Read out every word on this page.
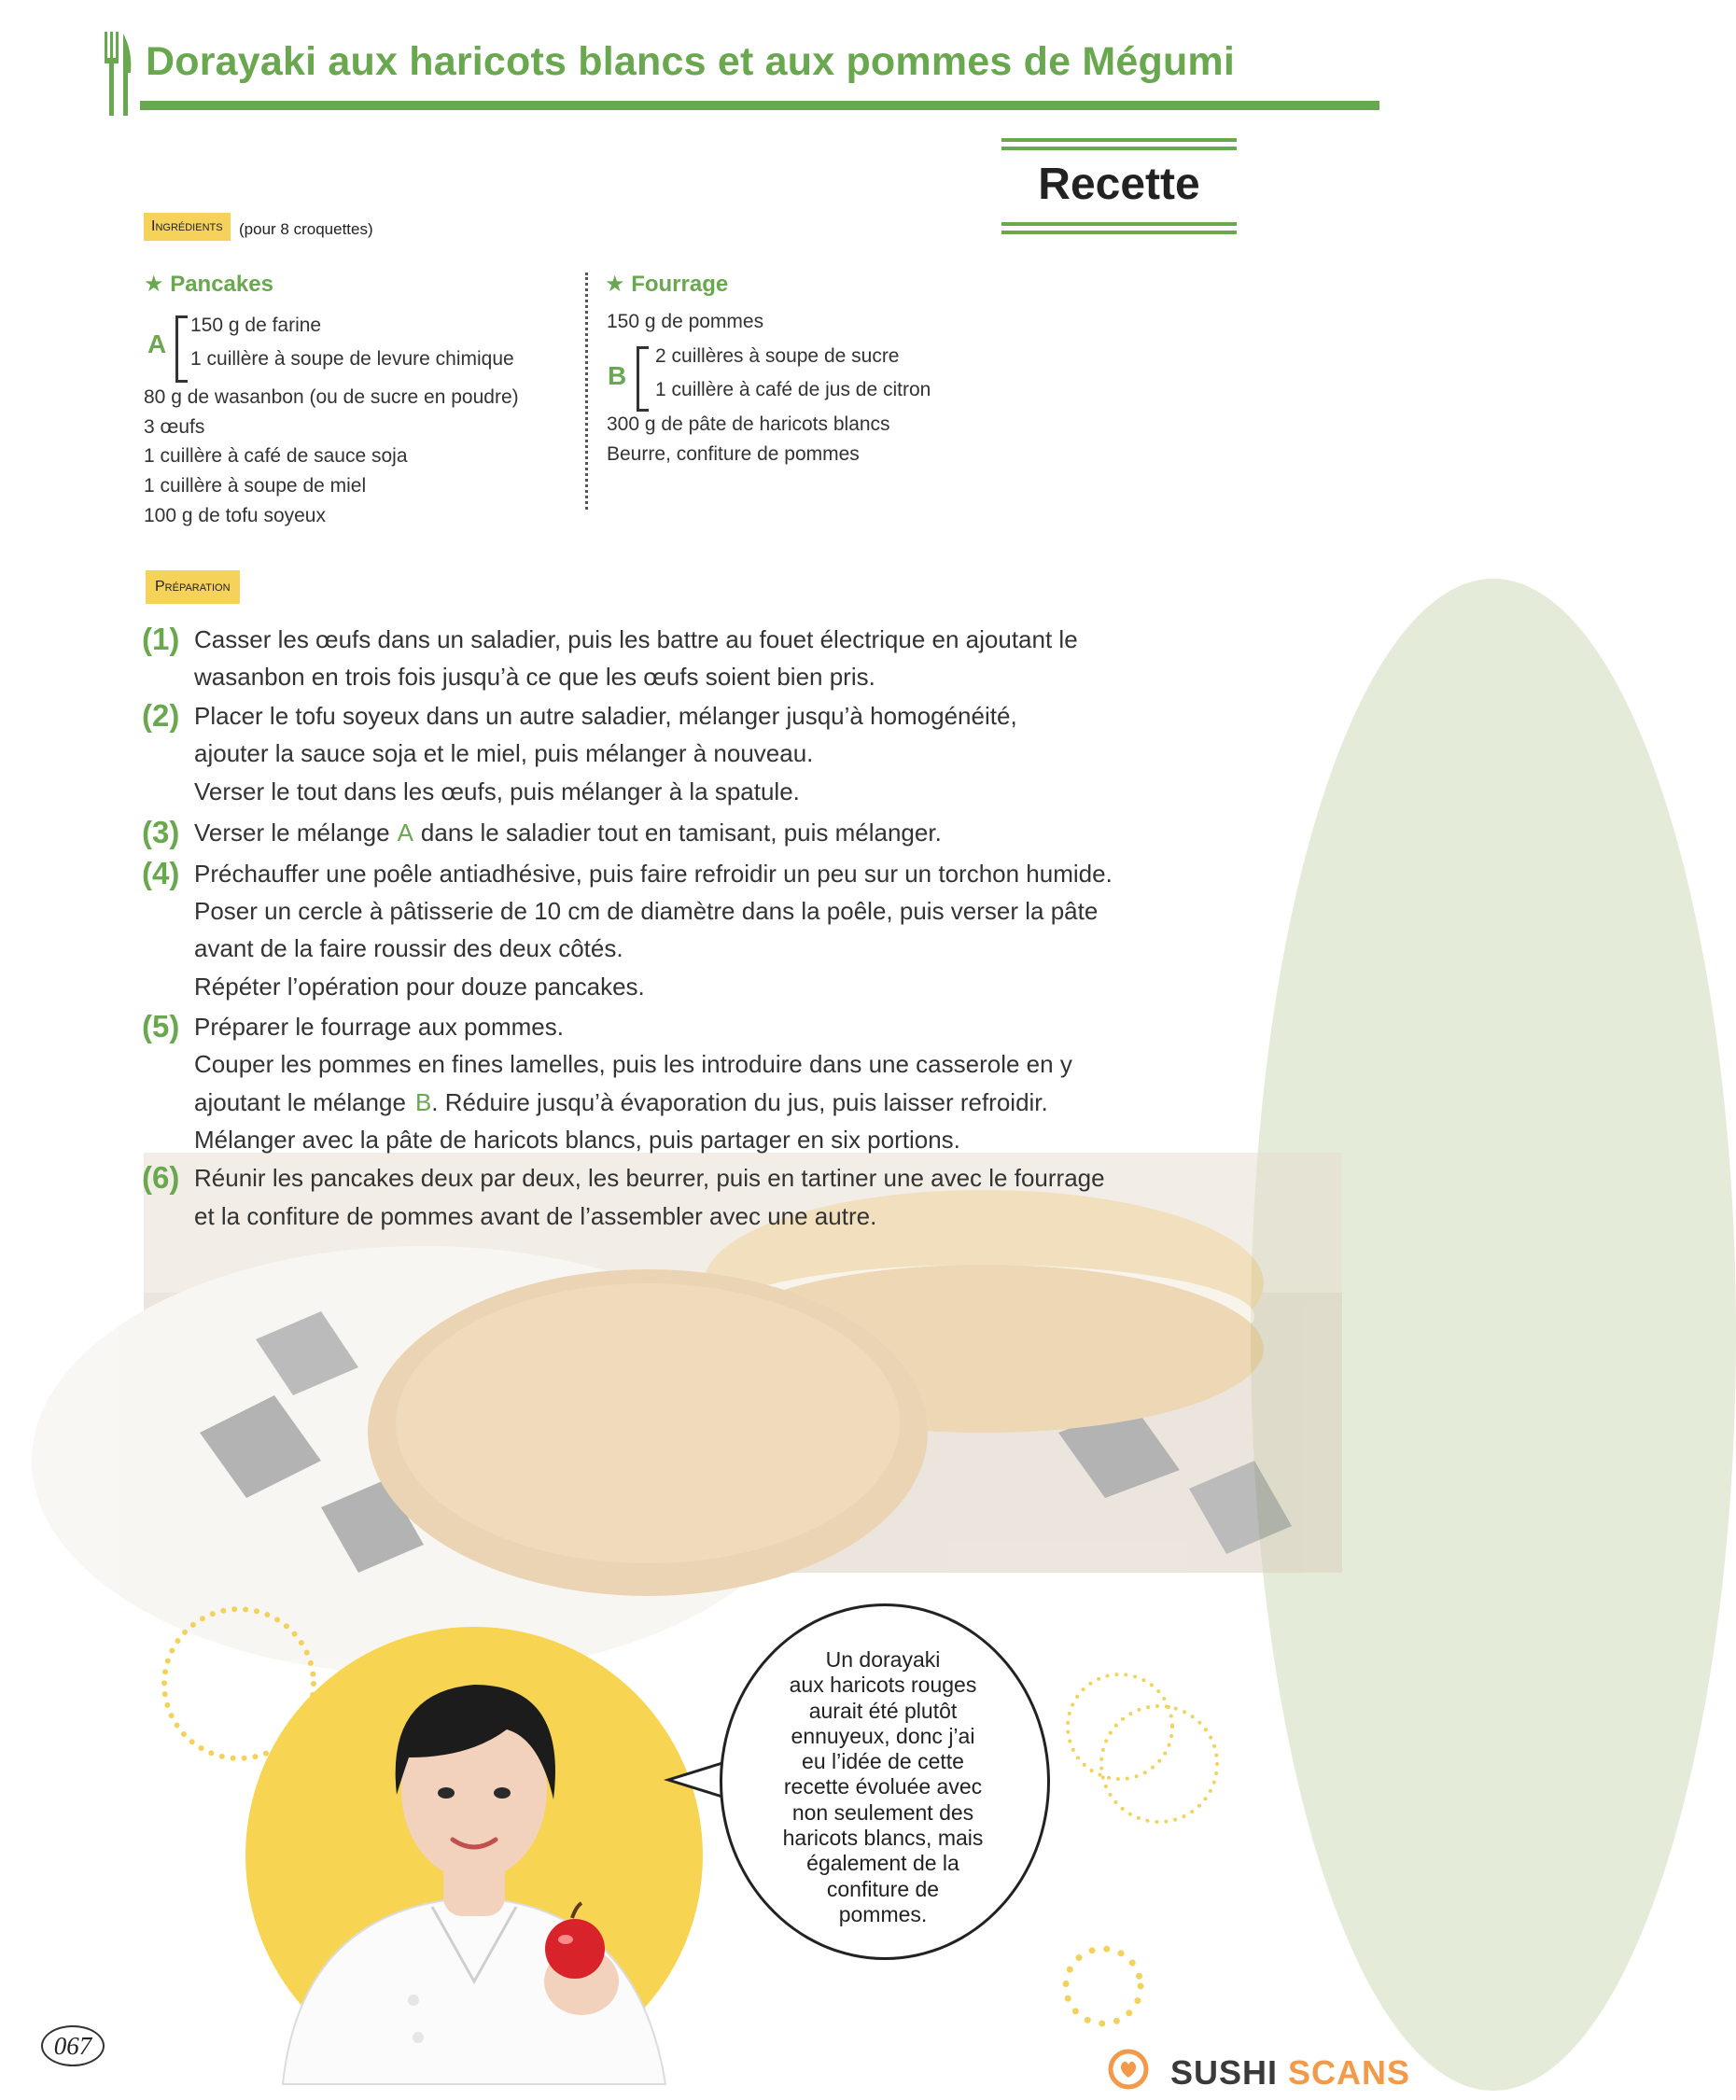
Dorayaki aux haricots blancs et aux pommes de Mégumi
Recette
Ingrédients	(pour 8 croquettes)
★ Pancakes
A
150 g de farine
1 cuillère à soupe de levure chimique
80 g de wasanbon (ou de sucre en poudre)
3 œufs
1 cuillère à café de sauce soja
1 cuillère à soupe de miel
100 g de tofu soyeux
★ Fourrage
150 g de pommes
B
2 cuillères à soupe de sucre
1 cuillère à café de jus de citron
300 g de pâte de haricots blancs
Beurre, confiture de pommes
Préparation
(1) Casser les œufs dans un saladier, puis les battre au fouet électrique en ajoutant le
wasanbon en trois fois jusqu’à ce que les œufs soient bien pris.
(2) Placer le tofu soyeux dans un autre saladier, mélanger jusqu’à homogénéité,
ajouter la sauce soja et le miel, puis mélanger à nouveau.
Verser le tout dans les œufs, puis mélanger à la spatule.
(3) Verser le mélange A dans le saladier tout en tamisant, puis mélanger.
(4) Préchauffer une poêle antiadhésive, puis faire refroidir un peu sur un torchon humide.
Poser un cercle à pâtisserie de 10 cm de diamètre dans la poêle, puis verser la pâte
avant de la faire roussir des deux côtés.
Répéter l’opération pour douze pancakes.
(5) Préparer le fourrage aux pommes.
Couper les pommes en fines lamelles, puis les introduire dans une casserole en y
ajoutant le mélange B. Réduire jusqu’à évaporation du jus, puis laisser refroidir.
Mélanger avec la pâte de haricots blancs, puis partager en six portions.
(6) Réunir les pancakes deux par deux, les beurrer, puis en tartiner une avec le fourrage
et la confiture de pommes avant de l’assembler avec une autre.
Un dorayaki
aux haricots rouges
aurait été plutôt
ennuyeux, donc j’ai
eu l’idée de cette
recette évoluée avec
non seulement des
haricots blancs, mais
également de la
confiture de
pommes.
067
SUSHI SCANS
